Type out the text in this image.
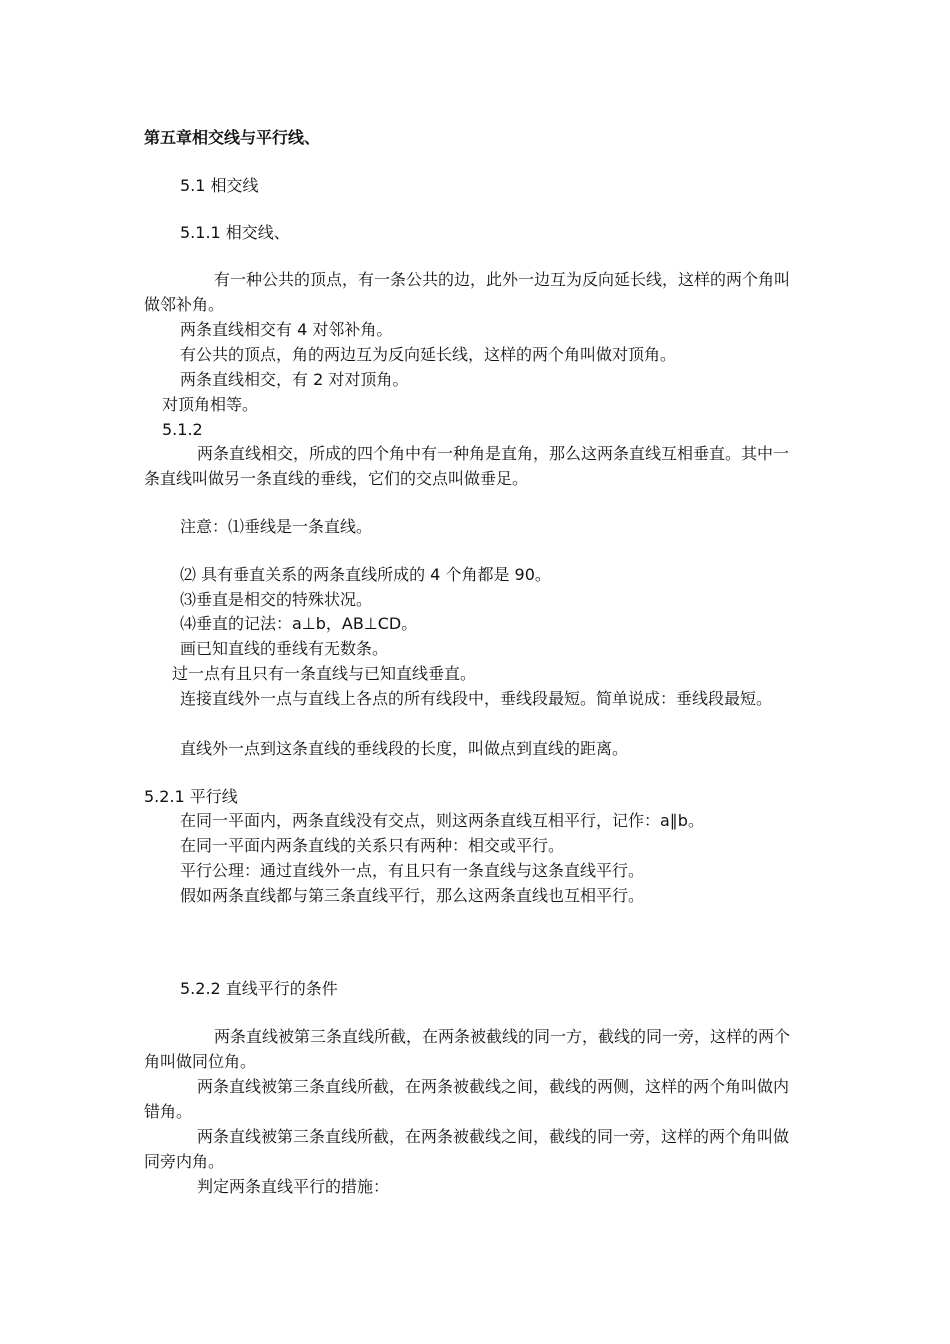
第五章相交线与平行线、
5.1 相交线
5.1.1 相交线、
有一种公共的顶点，有一条公共的边，此外一边互为反向延长线，这样的两个角叫做邻补角。
两条直线相交有 4 对邻补角。
有公共的顶点，角的两边互为反向延长线，这样的两个角叫做对顶角。
两条直线相交，有 2 对对顶角。
对顶角相等。
5.1.2
两条直线相交，所成的四个角中有一种角是直角，那么这两条直线互相垂直。其中一条直线叫做另一条直线的垂线，它们的交点叫做垂足。
注意：⑴垂线是一条直线。
⑵ 具有垂直关系的两条直线所成的 4 个角都是 90。
⑶垂直是相交的特殊状况。
⑷垂直的记法：a⊥b，AB⊥CD。
画已知直线的垂线有无数条。
过一点有且只有一条直线与已知直线垂直。
连接直线外一点与直线上各点的所有线段中，垂线段最短。简单说成：垂线段最短。
直线外一点到这条直线的垂线段的长度，叫做点到直线的距离。
5.2.1 平行线
在同一平面内，两条直线没有交点，则这两条直线互相平行，记作：a∥b。
在同一平面内两条直线的关系只有两种：相交或平行。
平行公理：通过直线外一点，有且只有一条直线与这条直线平行。
假如两条直线都与第三条直线平行，那么这两条直线也互相平行。
5.2.2 直线平行的条件
两条直线被第三条直线所截，在两条被截线的同一方，截线的同一旁，这样的两个角叫做同位角。
两条直线被第三条直线所截，在两条被截线之间，截线的两侧，这样的两个角叫做内错角。
两条直线被第三条直线所截，在两条被截线之间，截线的同一旁，这样的两个角叫做同旁内角。
判定两条直线平行的措施：
